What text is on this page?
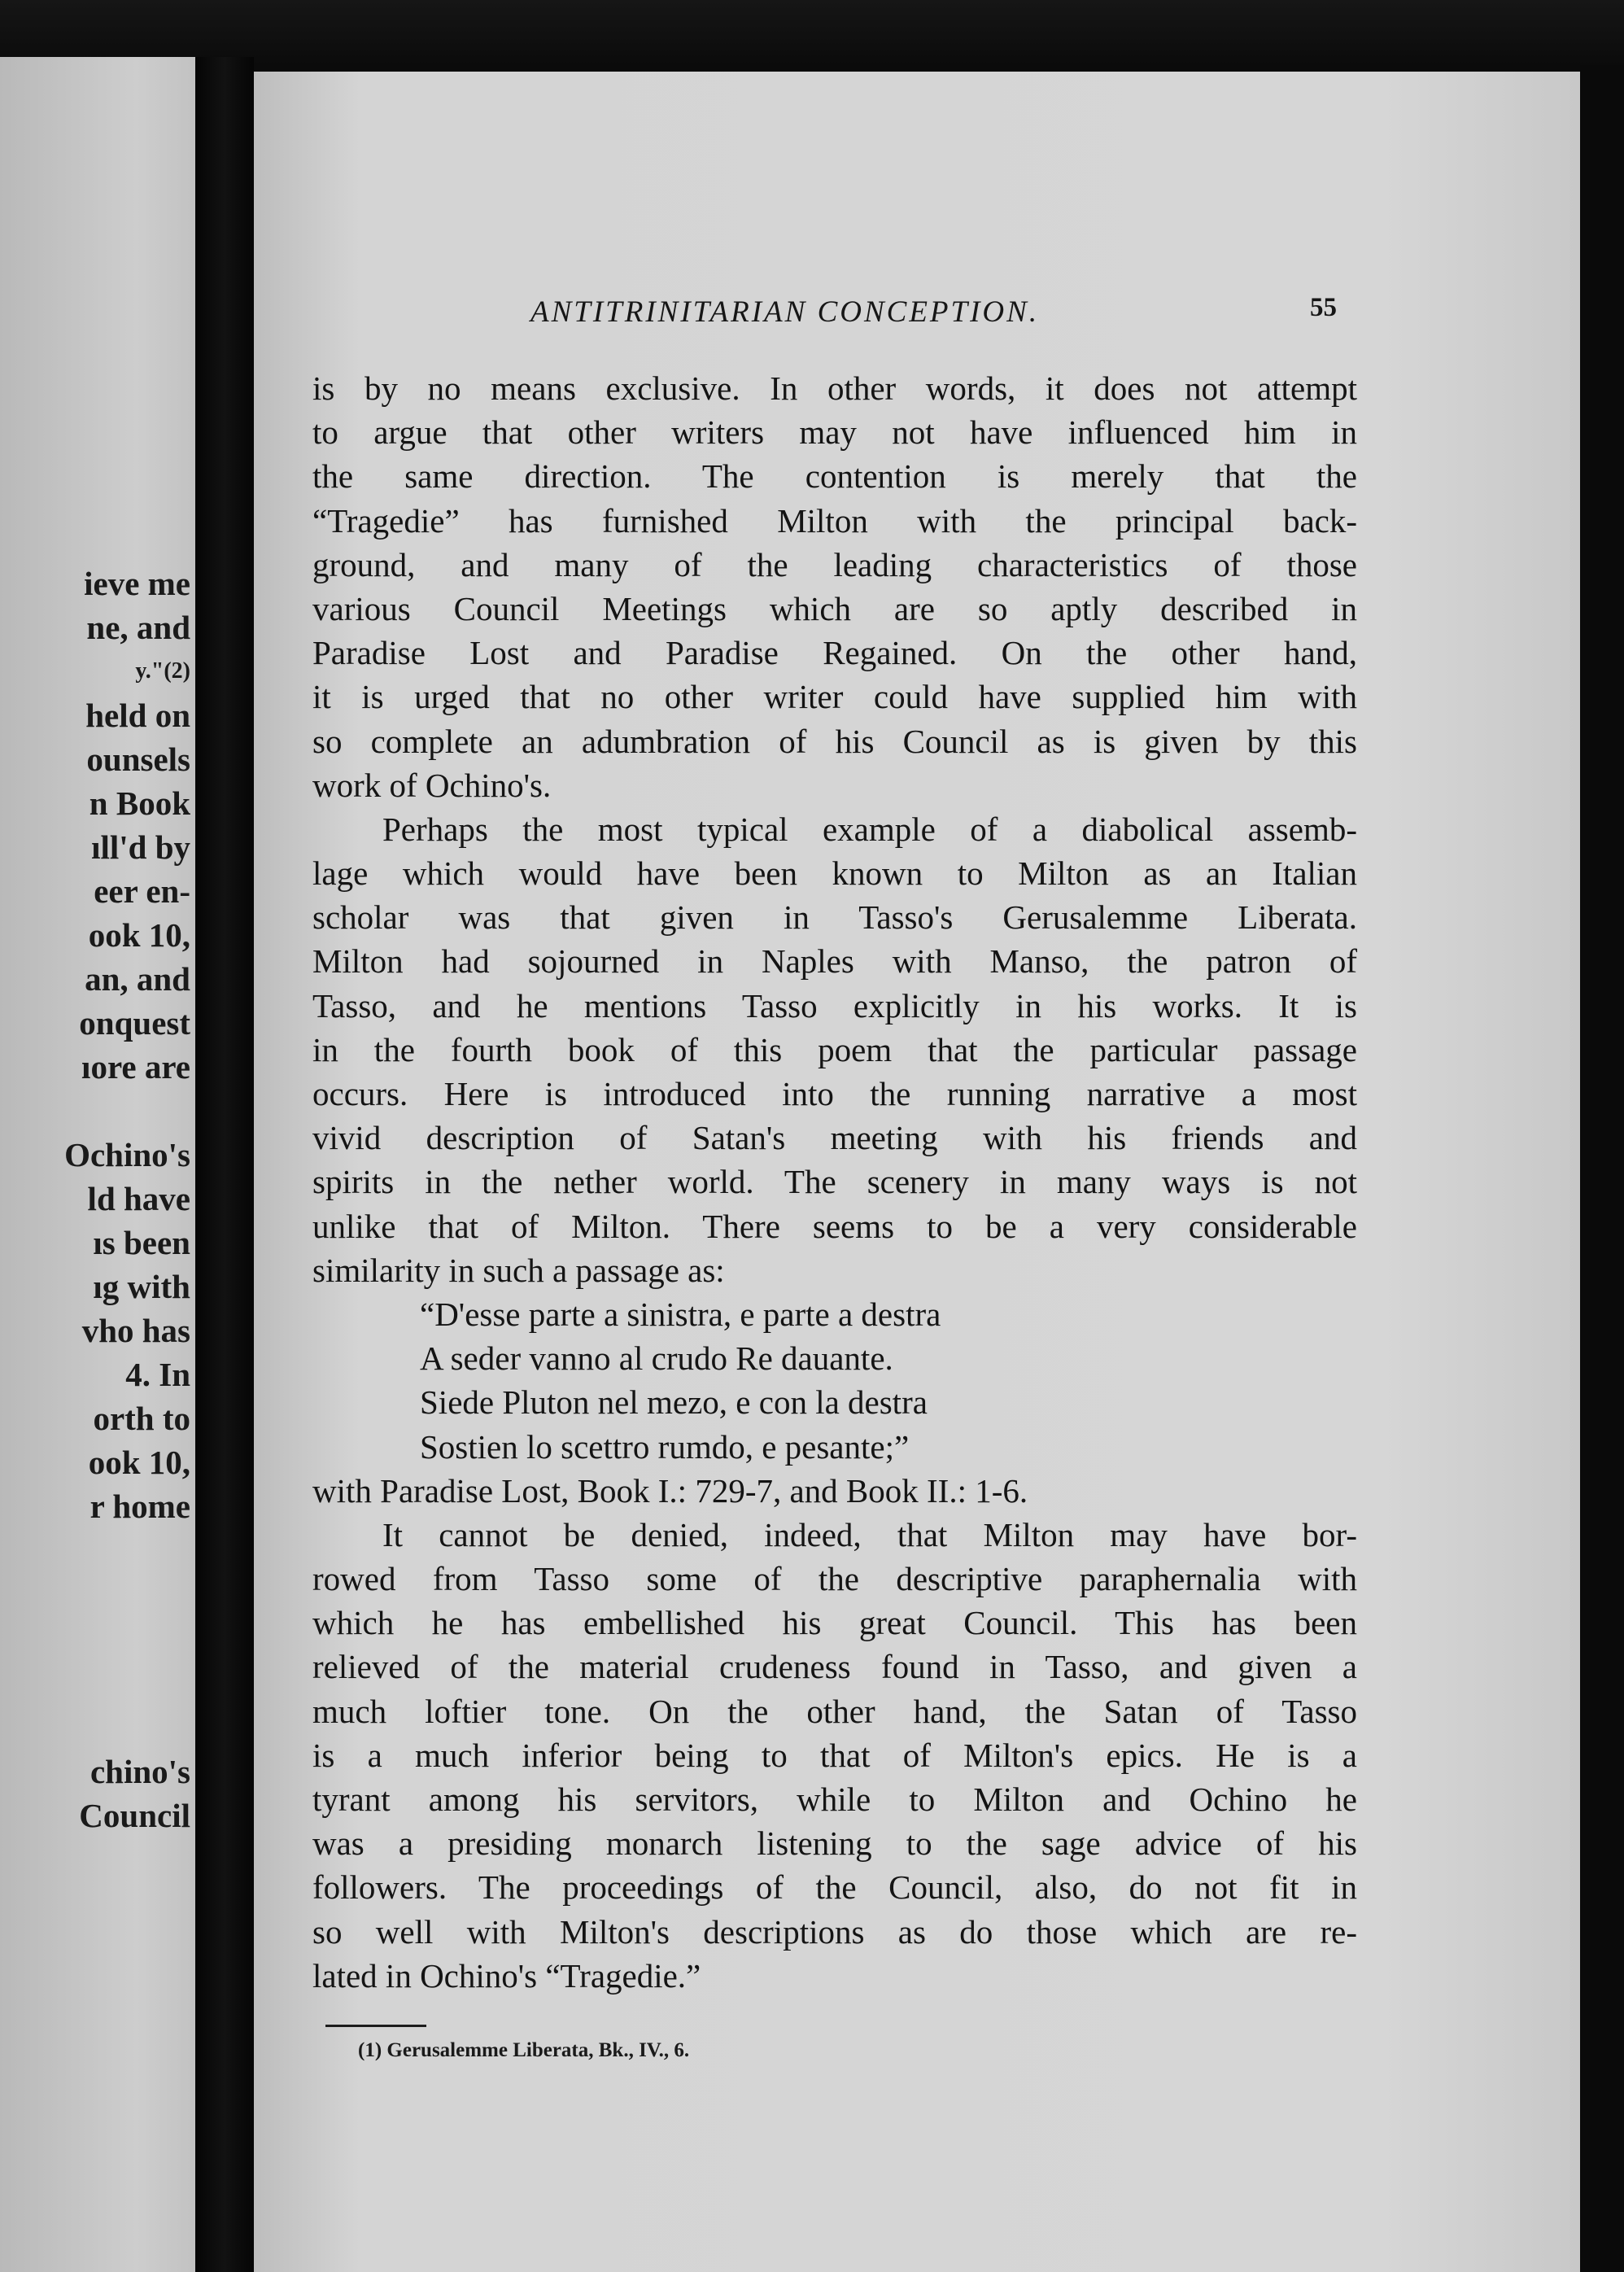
ieve me
ne, and
y."(2)
held on
ounsels
n Book
ıll'd by
eer en-
ook 10,
an, and
onquest
ıore are
Ochino's
ld have
ıs been
ıg with
vho has
4. In
orth to
ook 10,
r home
chino's
Council
ANTITRINITARIAN CONCEPTION.	55
is by no means exclusive. In other words, it does not attempt
to argue that other writers may not have influenced him in
the same direction. The contention is merely that the
“Tragedie” has furnished Milton with the principal back-
ground, and many of the leading characteristics of those
various Council Meetings which are so aptly described in
Paradise Lost and Paradise Regained. On the other hand,
it is urged that no other writer could have supplied him with
so complete an adumbration of his Council as is given by this
work of Ochino's.
Perhaps the most typical example of a diabolical assemb-
lage which would have been known to Milton as an Italian
scholar was that given in Tasso's Gerusalemme Liberata.
Milton had sojourned in Naples with Manso, the patron of
Tasso, and he mentions Tasso explicitly in his works. It is
in the fourth book of this poem that the particular passage
occurs. Here is introduced into the running narrative a most
vivid description of Satan's meeting with his friends and
spirits in the nether world. The scenery in many ways is not
unlike that of Milton. There seems to be a very considerable
similarity in such a passage as:
“D'esse parte a sinistra, e parte a destra
A seder vanno al crudo Re dauante.
Siede Pluton nel mezo, e con la destra
Sostien lo scettro rumdo, e pesante;”
with Paradise Lost, Book I.: 729-7, and Book II.: 1-6.
It cannot be denied, indeed, that Milton may have bor-
rowed from Tasso some of the descriptive paraphernalia with
which he has embellished his great Council. This has been
relieved of the material crudeness found in Tasso, and given a
much loftier tone. On the other hand, the Satan of Tasso
is a much inferior being to that of Milton's epics. He is a
tyrant among his servitors, while to Milton and Ochino he
was a presiding monarch listening to the sage advice of his
followers. The proceedings of the Council, also, do not fit in
so well with Milton's descriptions as do those which are re-
lated in Ochino's “Tragedie.”
(1) Gerusalemme Liberata, Bk., IV., 6.
